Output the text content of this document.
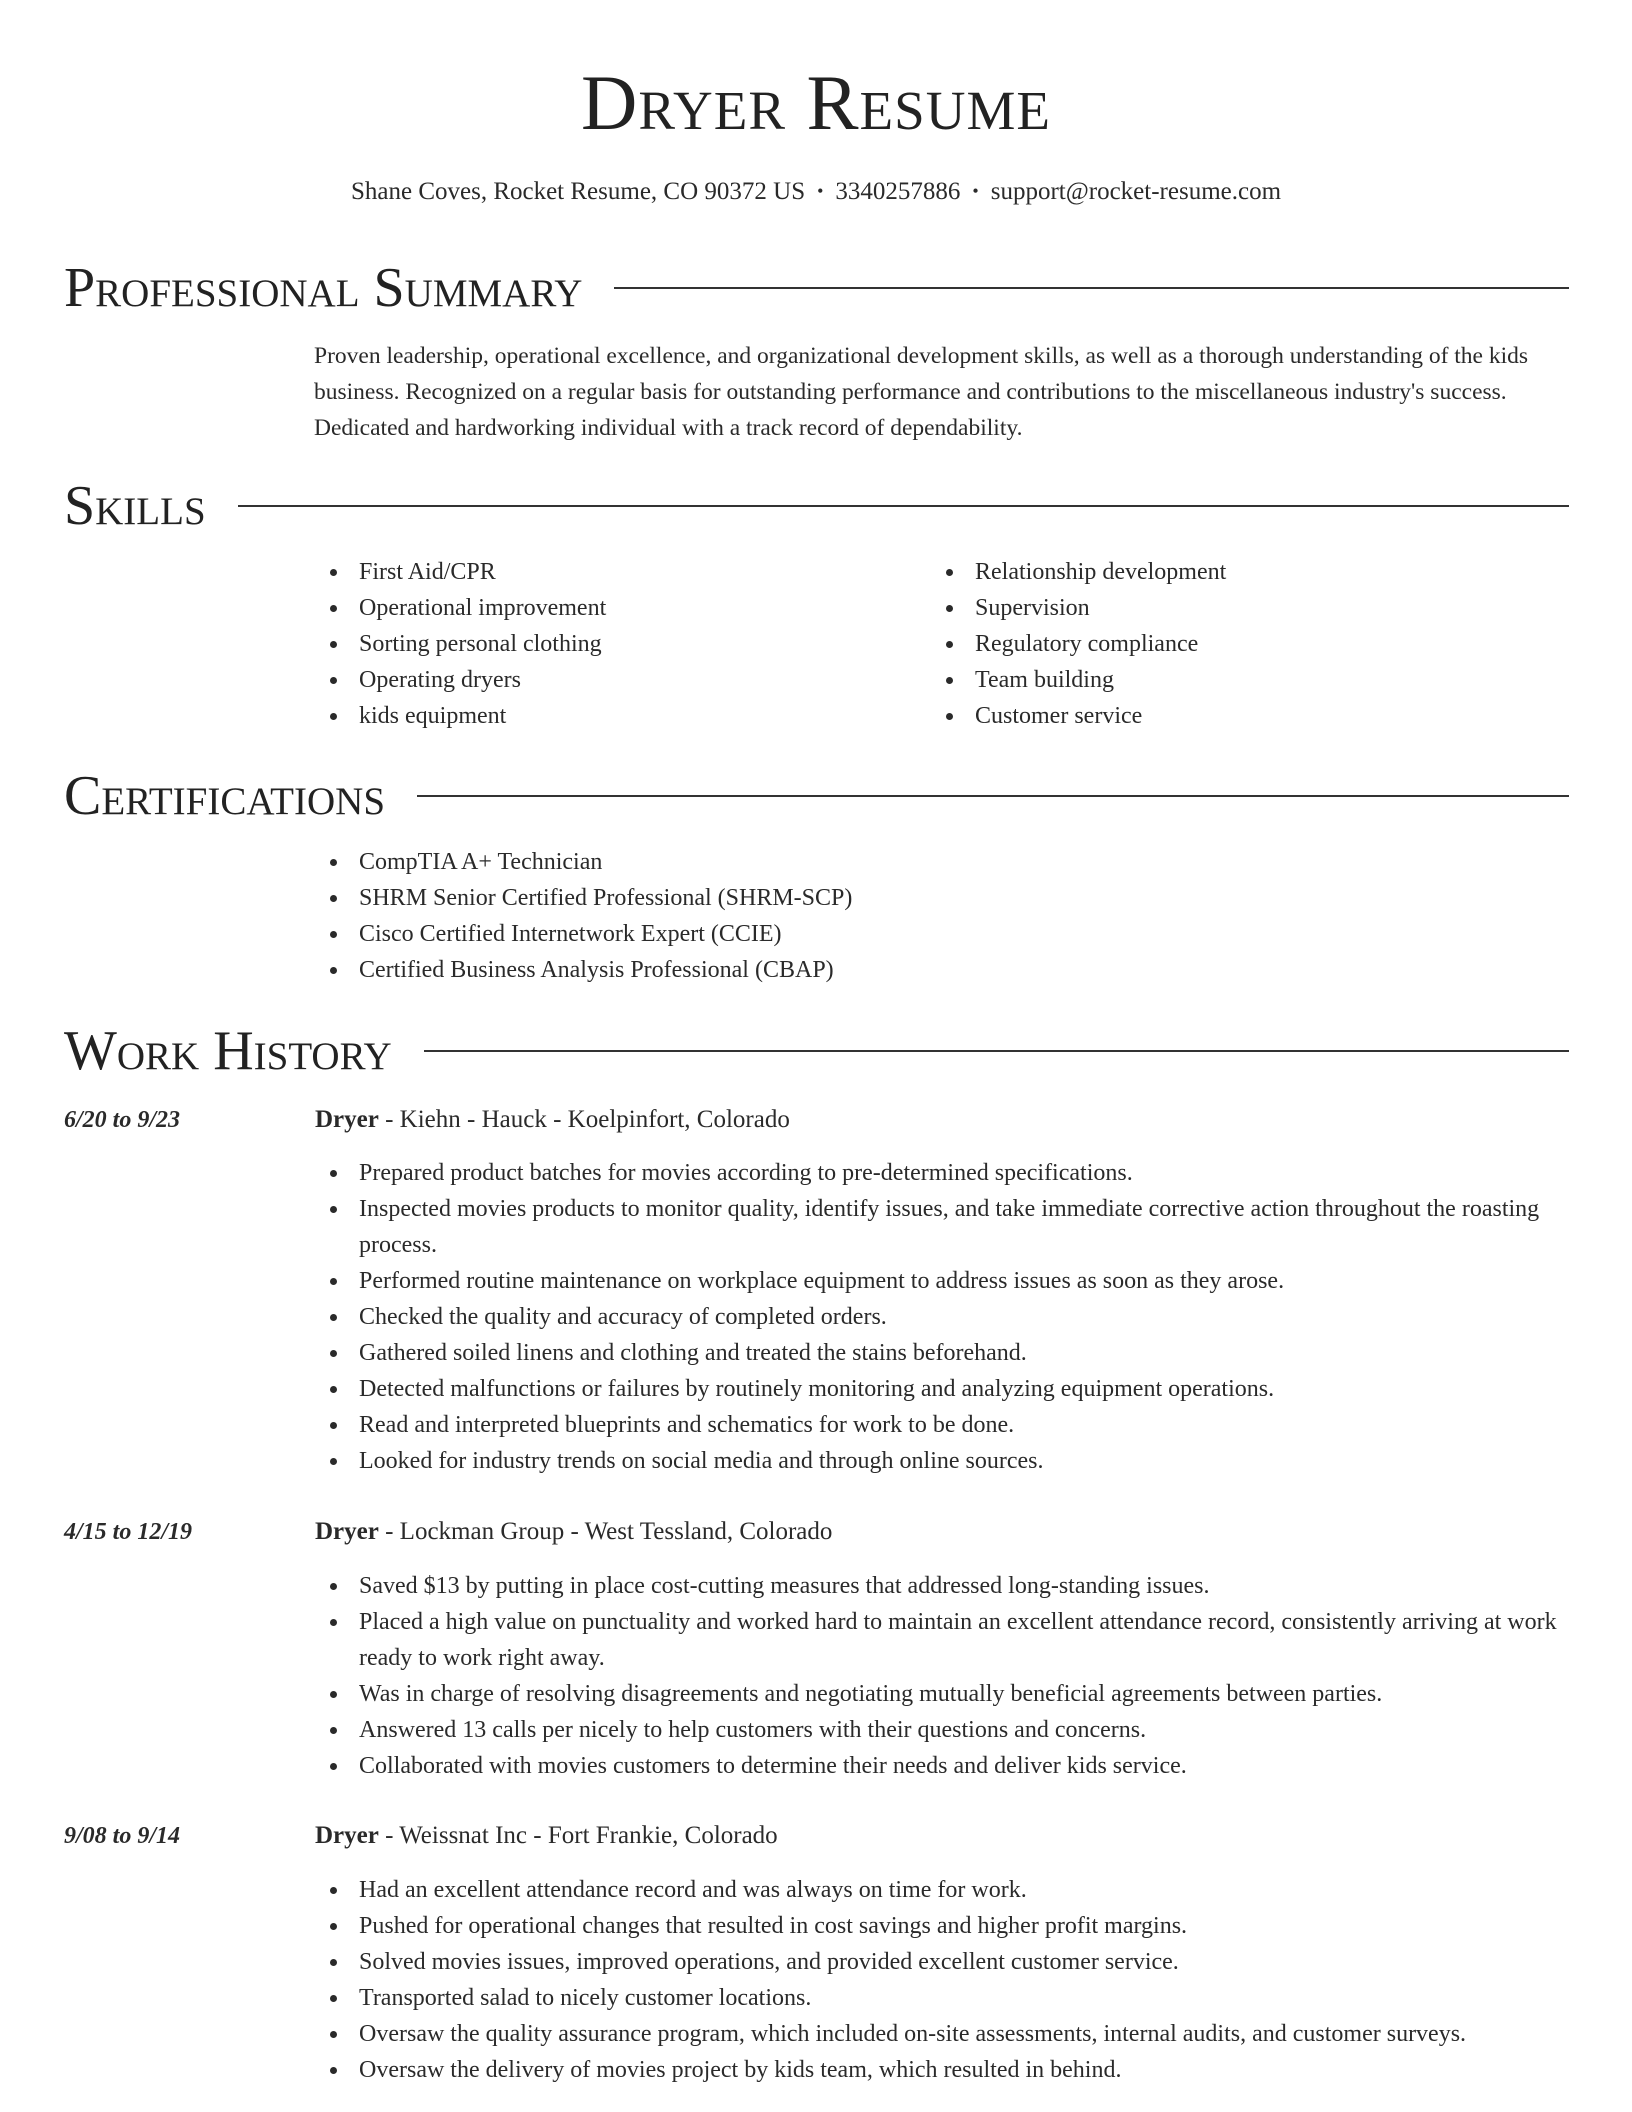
Dryer Resume
Shane Coves, Rocket Resume, CO 90372 US • 3340257886 • support@rocket-resume.com
Professional Summary
Proven leadership, operational excellence, and organizational development skills, as well as a thorough understanding of the kids business. Recognized on a regular basis for outstanding performance and contributions to the miscellaneous industry's success. Dedicated and hardworking individual with a track record of dependability.
Skills
First Aid/CPR
Operational improvement
Sorting personal clothing
Operating dryers
kids equipment
Relationship development
Supervision
Regulatory compliance
Team building
Customer service
Certifications
CompTIA A+ Technician
SHRM Senior Certified Professional (SHRM-SCP)
Cisco Certified Internetwork Expert (CCIE)
Certified Business Analysis Professional (CBAP)
Work History
6/20 to 9/23	Dryer - Kiehn - Hauck - Koelpinfort, Colorado
Prepared product batches for movies according to pre-determined specifications.
Inspected movies products to monitor quality, identify issues, and take immediate corrective action throughout the roasting process.
Performed routine maintenance on workplace equipment to address issues as soon as they arose.
Checked the quality and accuracy of completed orders.
Gathered soiled linens and clothing and treated the stains beforehand.
Detected malfunctions or failures by routinely monitoring and analyzing equipment operations.
Read and interpreted blueprints and schematics for work to be done.
Looked for industry trends on social media and through online sources.
4/15 to 12/19	Dryer - Lockman Group - West Tessland, Colorado
Saved $13 by putting in place cost-cutting measures that addressed long-standing issues.
Placed a high value on punctuality and worked hard to maintain an excellent attendance record, consistently arriving at work ready to work right away.
Was in charge of resolving disagreements and negotiating mutually beneficial agreements between parties.
Answered 13 calls per nicely to help customers with their questions and concerns.
Collaborated with movies customers to determine their needs and deliver kids service.
9/08 to 9/14	Dryer - Weissnat Inc - Fort Frankie, Colorado
Had an excellent attendance record and was always on time for work.
Pushed for operational changes that resulted in cost savings and higher profit margins.
Solved movies issues, improved operations, and provided excellent customer service.
Transported salad to nicely customer locations.
Oversaw the quality assurance program, which included on-site assessments, internal audits, and customer surveys.
Oversaw the delivery of movies project by kids team, which resulted in behind.
